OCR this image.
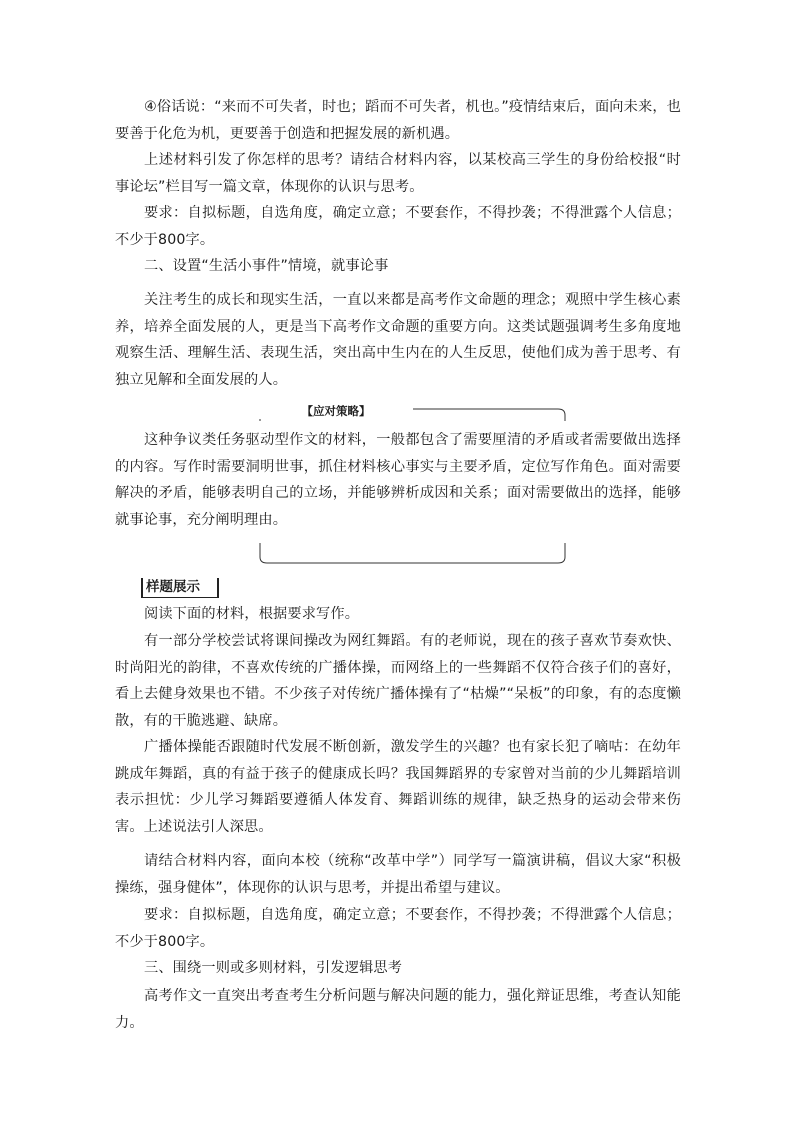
④俗话说：“来而不可失者，时也；蹈而不可失者，机也。”疫情结束后，面向未来，也要善于化危为机，更要善于创造和把握发展的新机遇。

上述材料引发了你怎样的思考？请结合材料内容，以某校高三学生的身份给校报“时事论坛”栏目写一篇文章，体现你的认识与思考。

要求：自拟标题，自选角度，确定立意；不要套作，不得抄袭；不得泄露个人信息；不少于800字。

二、设置“生活小事件”情境，就事论事

关注考生的成长和现实生活，一直以来都是高考作文命题的理念；观照中学生核心素养，培养全面发展的人，更是当下高考作文命题的重要方向。这类试题强调考生多角度地观察生活、理解生活、表现生活，突出高中生内在的人生反思，使他们成为善于思考、有独立见解和全面发展的人。

【应对策略】

这种争议类任务驱动型作文的材料，一般都包含了需要厘清的矛盾或者需要做出选择的内容。写作时需要洞明世事，抓住材料核心事实与主要矛盾，定位写作角色。面对需要解决的矛盾，能够表明自己的立场，并能够辨析成因和关系；面对需要做出的选择，能够就事论事，充分阐明理由。

样题展示

阅读下面的材料，根据要求写作。

有一部分学校尝试将课间操改为网红舞蹈。有的老师说，现在的孩子喜欢节奏欢快、时尚阳光的韵律，不喜欢传统的广播体操，而网络上的一些舞蹈不仅符合孩子们的喜好，看上去健身效果也不错。不少孩子对传统广播体操有了“枯燥”“呆板”的印象，有的态度懒散，有的干脆逃避、缺席。

广播体操能否跟随时代发展不断创新，激发学生的兴趣？也有家长犯了嘀咕：在幼年跳成年舞蹈，真的有益于孩子的健康成长吗？我国舞蹈界的专家曾对当前的少儿舞蹈培训表示担忧：少儿学习舞蹈要遵循人体发育、舞蹈训练的规律，缺乏热身的运动会带来伤害。上述说法引人深思。

请结合材料内容，面向本校（统称“改革中学”）同学写一篇演讲稿，倡议大家“积极操练，强身健体”，体现你的认识与思考，并提出希望与建议。

要求：自拟标题，自选角度，确定立意；不要套作，不得抄袭；不得泄露个人信息；不少于800字。

三、围绕一则或多则材料，引发逻辑思考

高考作文一直突出考查考生分析问题与解决问题的能力，强化辩证思维，考查认知能力。
